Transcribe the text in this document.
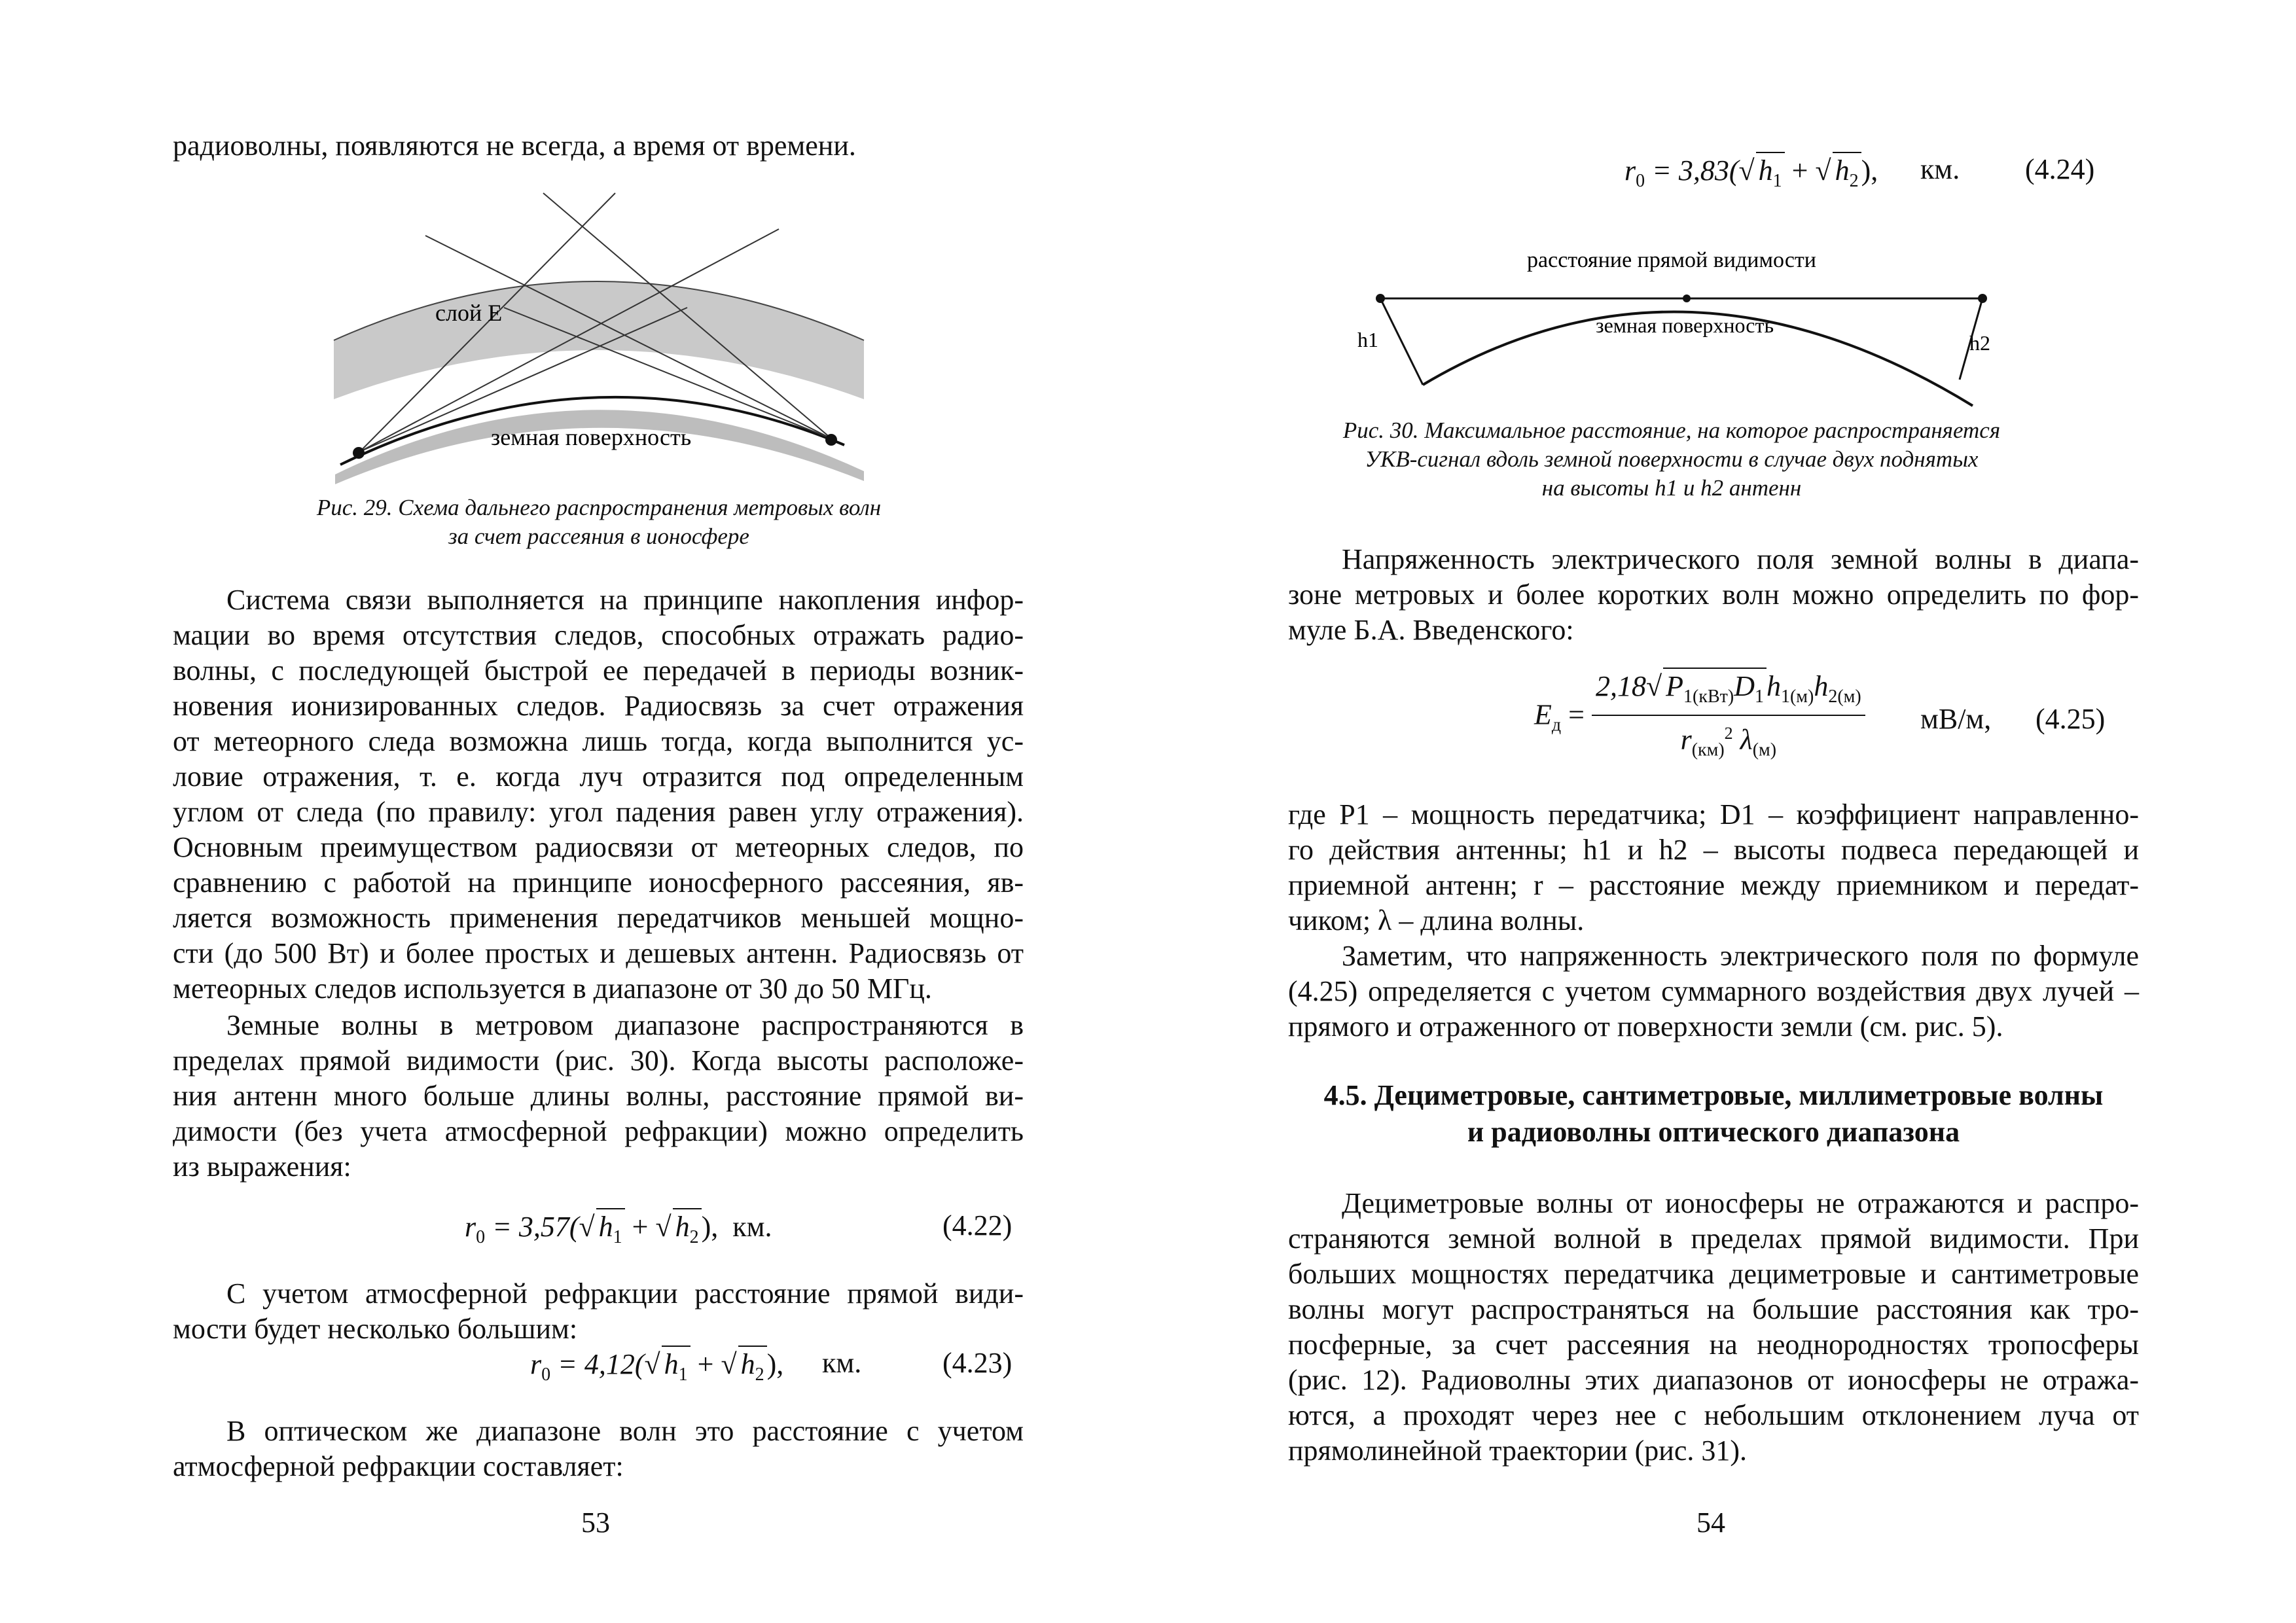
радиоволны, появляются не всегда, а время от времени.
слой E
земная поверхность
Рис. 29. Схема дальнего распространения метровых волн
за счет рассеяния в ионосфере
Система связи выполняется на принципе накопления инфор-
мации во время отсутствия следов, способных отражать радио-
волны, с последующей быстрой ее передачей в периоды возник-
новения ионизированных следов. Радиосвязь за счет отражения
от метеорного следа возможна лишь тогда, когда выполнится ус-
ловие отражения, т. е. когда луч отразится под определенным
углом от следа (по правилу: угол падения равен углу отражения).
Основным преимуществом радиосвязи от метеорных следов, по
сравнению с работой на принципе ионосферного рассеяния, яв-
ляется возможность применения передатчиков меньшей мощно-
сти (до 500 Вт) и более простых и дешевых антенн. Радиосвязь от
метеорных следов используется в диапазоне от 30 до 50 МГц.
Земные волны в метровом диапазоне распространяются в
пределах прямой видимости (рис. 30). Когда высоты расположе-
ния антенн много больше длины волны, расстояние прямой ви-
димости (без учета атмосферной рефракции) можно определить
из выражения:
$r_0 = 3,57(√$ $h_1$ + √ $h_2$), км.	(4.22)
С учетом атмосферной рефракции расстояние прямой види-
мости будет несколько большим:
$r_0 = 4,12(√$ $h_1$ + √ $h_2$), км.	(4.23)
В оптическом же диапазоне волн это расстояние с учетом
атмосферной рефракции составляет:
53
$r_0 = 3,83(√$ $h_1$ + √ $h_2$), км. (4.24)
расстояние прямой видимости
земная поверхность
h1	h2
Рис. 30. Максимальное расстояние, на которое распространяется
УКВ-сигнал вдоль земной поверхности в случае двух поднятых
на высоты h1 и h2 антенн
Напряженность электрического поля земной волны в диапа-
зоне метровых и более коротких волн можно определить по фор-
муле Б.А. Введенского:
$E_д = \frac{2,18√ P_{1(кВт)}D_1h_{1(м)}h_{2(м)}}{r_{(км)}^2 \lambda_{(м)}} мВ/м$, (4.25)
где P1 – мощность передатчика; D1 – коэффициент направленно-
го действия антенны; h1 и h2 – высоты подвеса передающей и
приемной антенн; r – расстояние между приемником и передат-
чиком; λ – длина волны.
Заметим, что напряженность электрического поля по формуле
(4.25) определяется с учетом суммарного воздействия двух лучей –
прямого и отраженного от поверхности земли (см. рис. 5).
4.5. Дециметровые, сантиметровые, миллиметровые волны
и радиоволны оптического диапазона
Дециметровые волны от ионосферы не отражаются и распро-
страняются земной волной в пределах прямой видимости. При
больших мощностях передатчика дециметровые и сантиметровые
волны могут распространяться на большие расстояния как тро-
посферные, за счет рассеяния на неоднородностях тропосферы
(рис. 12). Радиоволны этих диапазонов от ионосферы не отража-
ются, а проходят через нее с небольшим отклонением луча от
прямолинейной траектории (рис. 31).
54
